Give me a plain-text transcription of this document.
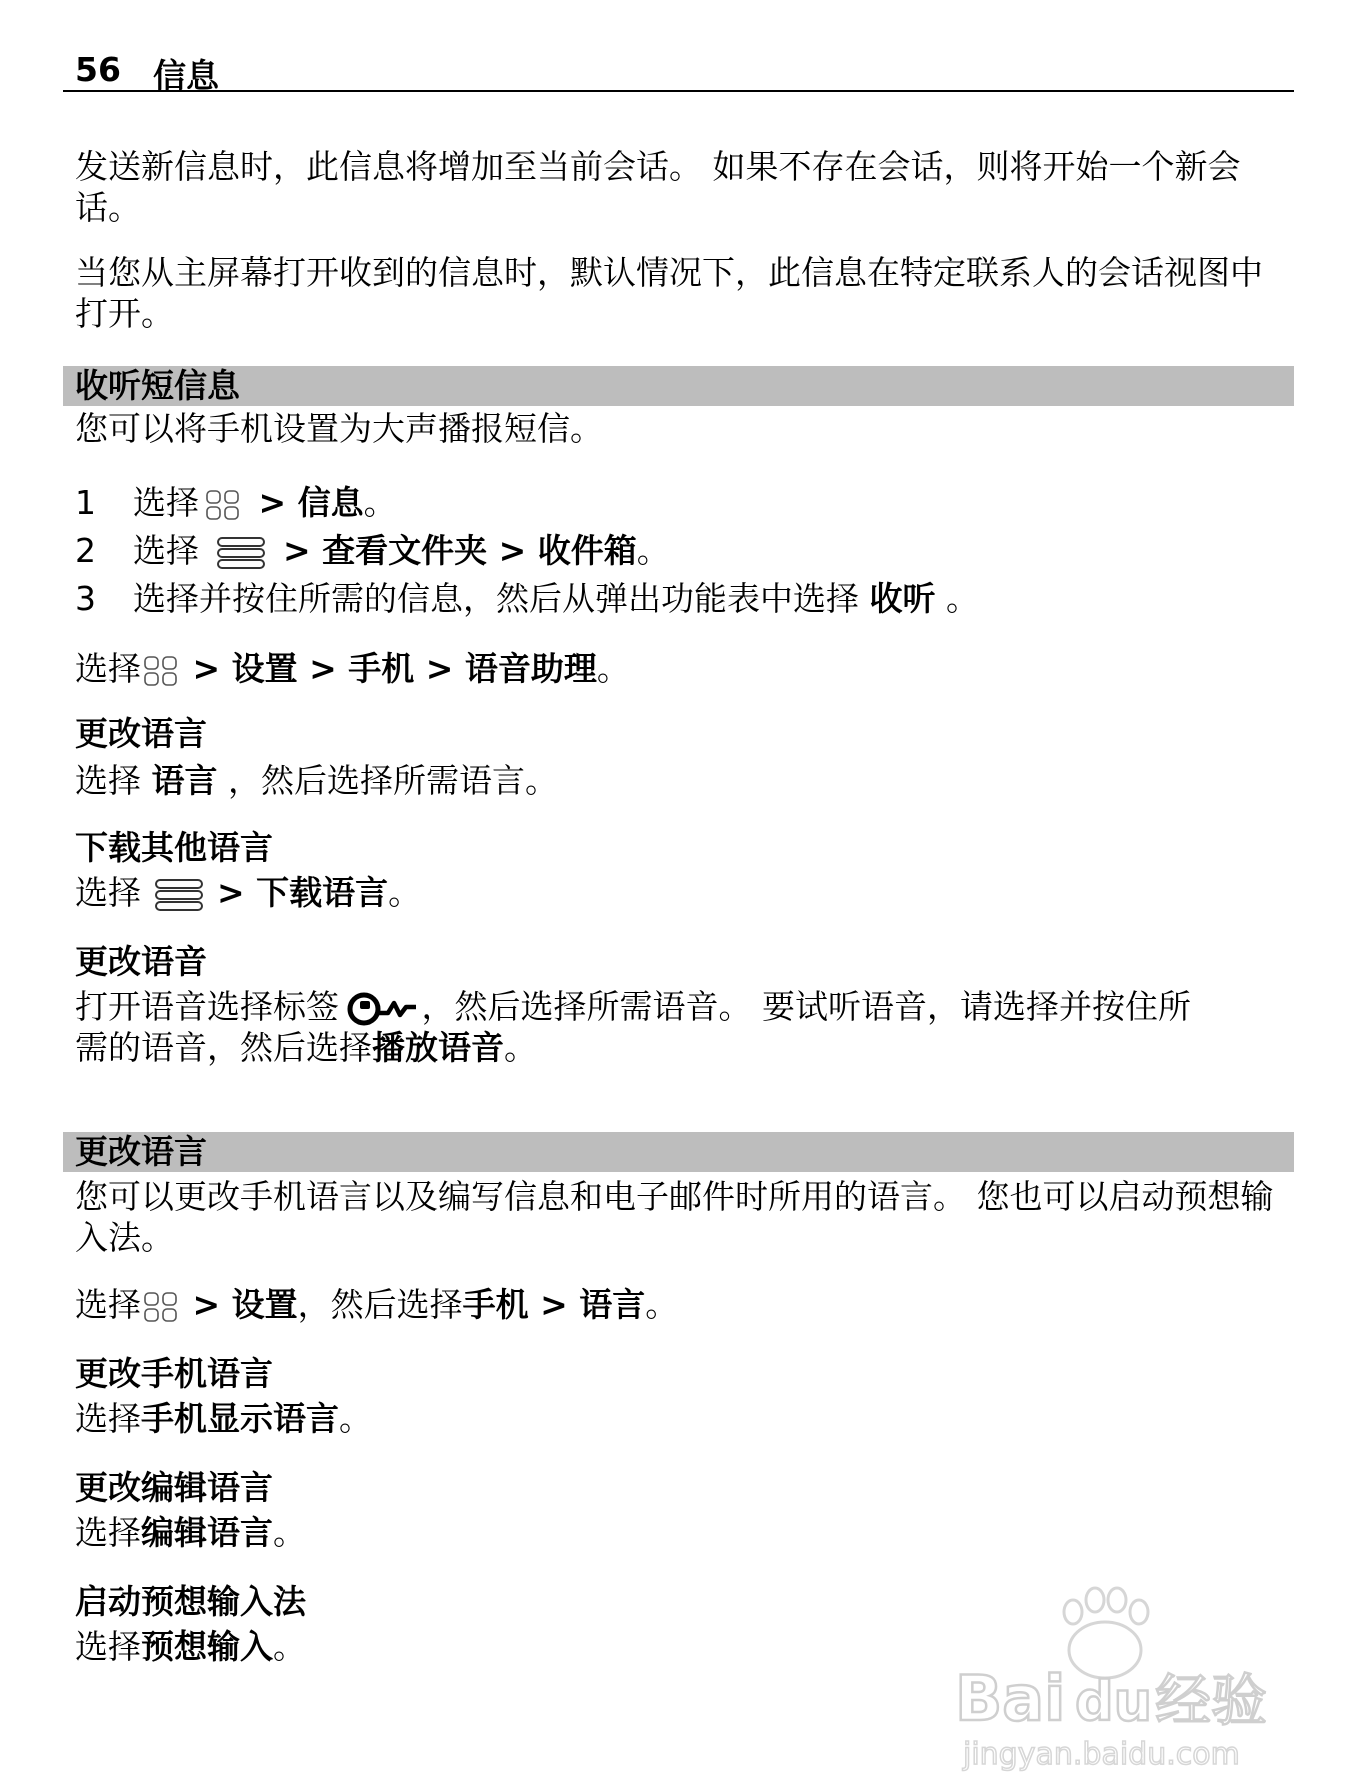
56 信息
发送新信息时，此信息将增加至当前会话。 如果不存在会话，则将开始一个新会话。
当您从主屏幕打开收到的信息时，默认情况下，此信息在特定联系人的会话视图中打开。
收听短信息
您可以将手机设置为大声播报短信。
1 选择 > 信息。
2 选择  > 查看文件夹 > 收件箱。
3 选择并按住所需的信息，然后从弹出功能表中选择 收听 。
选择 > 设置 > 手机 > 语音助理。
更改语言
选择 语言 ，然后选择所需语言。
下载其他语言
选择  > 下载语言。
更改语音
打开语音选择标签 ，然后选择所需语音。 要试听语音，请选择并按住所
需的语音，然后选择播放语音。
更改语言
您可以更改手机语言以及编写信息和电子邮件时所用的语言。 您也可以启动预想输入法。
选择 > 设置，然后选择手机 > 语言。
更改手机语言
选择手机显示语言。
更改编辑语言
选择编辑语言。
启动预想输入法
选择预想输入。
Bai du 经验
jingyan.baidu.com
